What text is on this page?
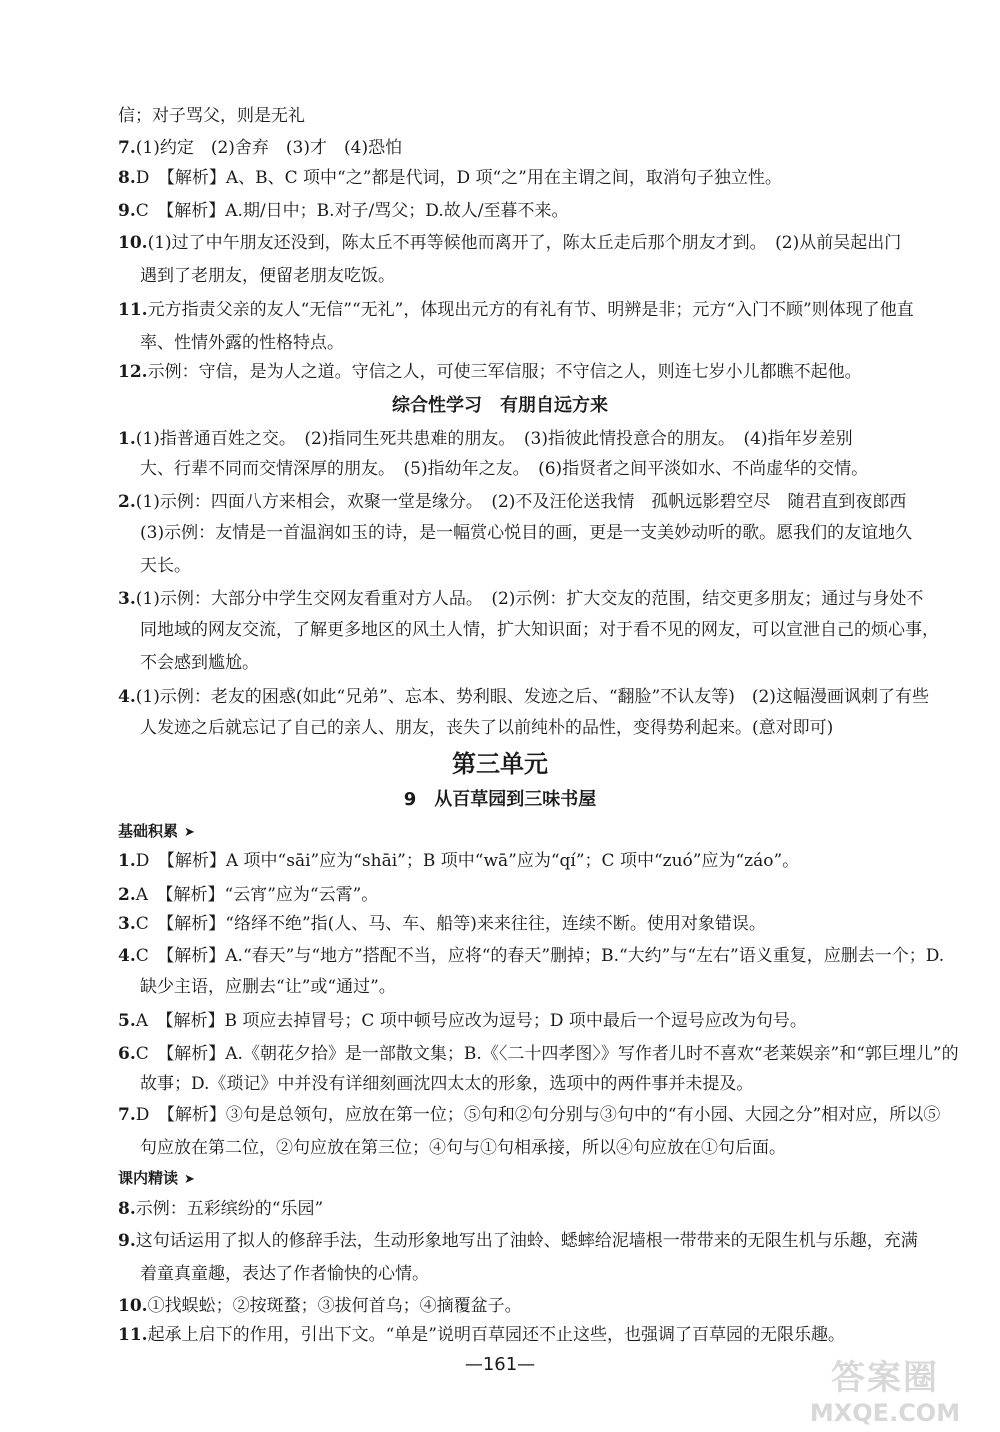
信；对子骂父，则是无礼
7.(1)约定　(2)舍弃　(3)才　(4)恐怕
8.D　【解析】A、B、C 项中“之”都是代词，D 项“之”用在主谓之间，取消句子独立性。
9.C　【解析】A.期/日中；B.对子/骂父；D.故人/至暮不来。
10.(1)过了中午朋友还没到，陈太丘不再等候他而离开了，陈太丘走后那个朋友才到。　(2)从前吴起出门
遇到了老朋友，便留老朋友吃饭。
11.元方指责父亲的友人“无信”“无礼”，体现出元方的有礼有节、明辨是非；元方“入门不顾”则体现了他直
率、性情外露的性格特点。
12.示例：守信，是为人之道。守信之人，可使三军信服；不守信之人，则连七岁小儿都瞧不起他。
1.(1)指普通百姓之交。　(2)指同生死共患难的朋友。　(3)指彼此情投意合的朋友。　(4)指年岁差别
大、行辈不同而交情深厚的朋友。　(5)指幼年之友。　(6)指贤者之间平淡如水、不尚虚华的交情。
2.(1)示例：四面八方来相会，欢聚一堂是缘分。　(2)不及汪伦送我情　孤帆远影碧空尽　随君直到夜郎西
(3)示例：友情是一首温润如玉的诗，是一幅赏心悦目的画，更是一支美妙动听的歌。愿我们的友谊地久
天长。
3.(1)示例：大部分中学生交网友看重对方人品。　(2)示例：扩大交友的范围，结交更多朋友；通过与身处不
同地域的网友交流，了解更多地区的风土人情，扩大知识面；对于看不见的网友，可以宣泄自己的烦心事，
不会感到尴尬。
4.(1)示例：老友的困惑(如此“兄弟”、忘本、势利眼、发迹之后、“翻脸”不认友等)　(2)这幅漫画讽刺了有些
人发迹之后就忘记了自己的亲人、朋友，丧失了以前纯朴的品性，变得势利起来。(意对即可)
1.D　【解析】A 项中“sāi”应为“shāi”；B 项中“wā”应为“qí”；C 项中“zuó”应为“záo”。
2.A　【解析】“云宵”应为“云霄”。
3.C　【解析】“络绎不绝”指(人、马、车、船等)来来往往，连续不断。使用对象错误。
4.C　【解析】A.“春天”与“地方”搭配不当，应将“的春天”删掉；B.“大约”与“左右”语义重复，应删去一个；D.
缺少主语，应删去“让”或“通过”。
5.A　【解析】B 项应去掉冒号；C 项中顿号应改为逗号；D 项中最后一个逗号应改为句号。
6.C　【解析】A.《朝花夕拾》是一部散文集；B.《〈二十四孝图〉》写作者儿时不喜欢“老莱娱亲”和“郭巨埋儿”的
故事；D.《琐记》中并没有详细刻画沈四太太的形象，选项中的两件事并未提及。
7.D　【解析】③句是总领句，应放在第一位；⑤句和②句分别与③句中的“有小园、大园之分”相对应，所以⑤
句应放在第二位，②句应放在第三位；④句与①句相承接，所以④句应放在①句后面。
8.示例：五彩缤纷的“乐园”
9.这句话运用了拟人的修辞手法，生动形象地写出了油蛉、蟋蟀给泥墙根一带带来的无限生机与乐趣，充满
着童真童趣，表达了作者愉快的心情。
10.①找蜈蚣；②按斑蝥；③拔何首乌；④摘覆盆子。
11.起承上启下的作用，引出下文。“单是”说明百草园还不止这些，也强调了百草园的无限乐趣。
综合性学习　有朋自远方来
第三单元
9　从百草园到三味书屋
基础积累 ➤
课内精读 ➤
—161—	答案圈
MXQE.COM
